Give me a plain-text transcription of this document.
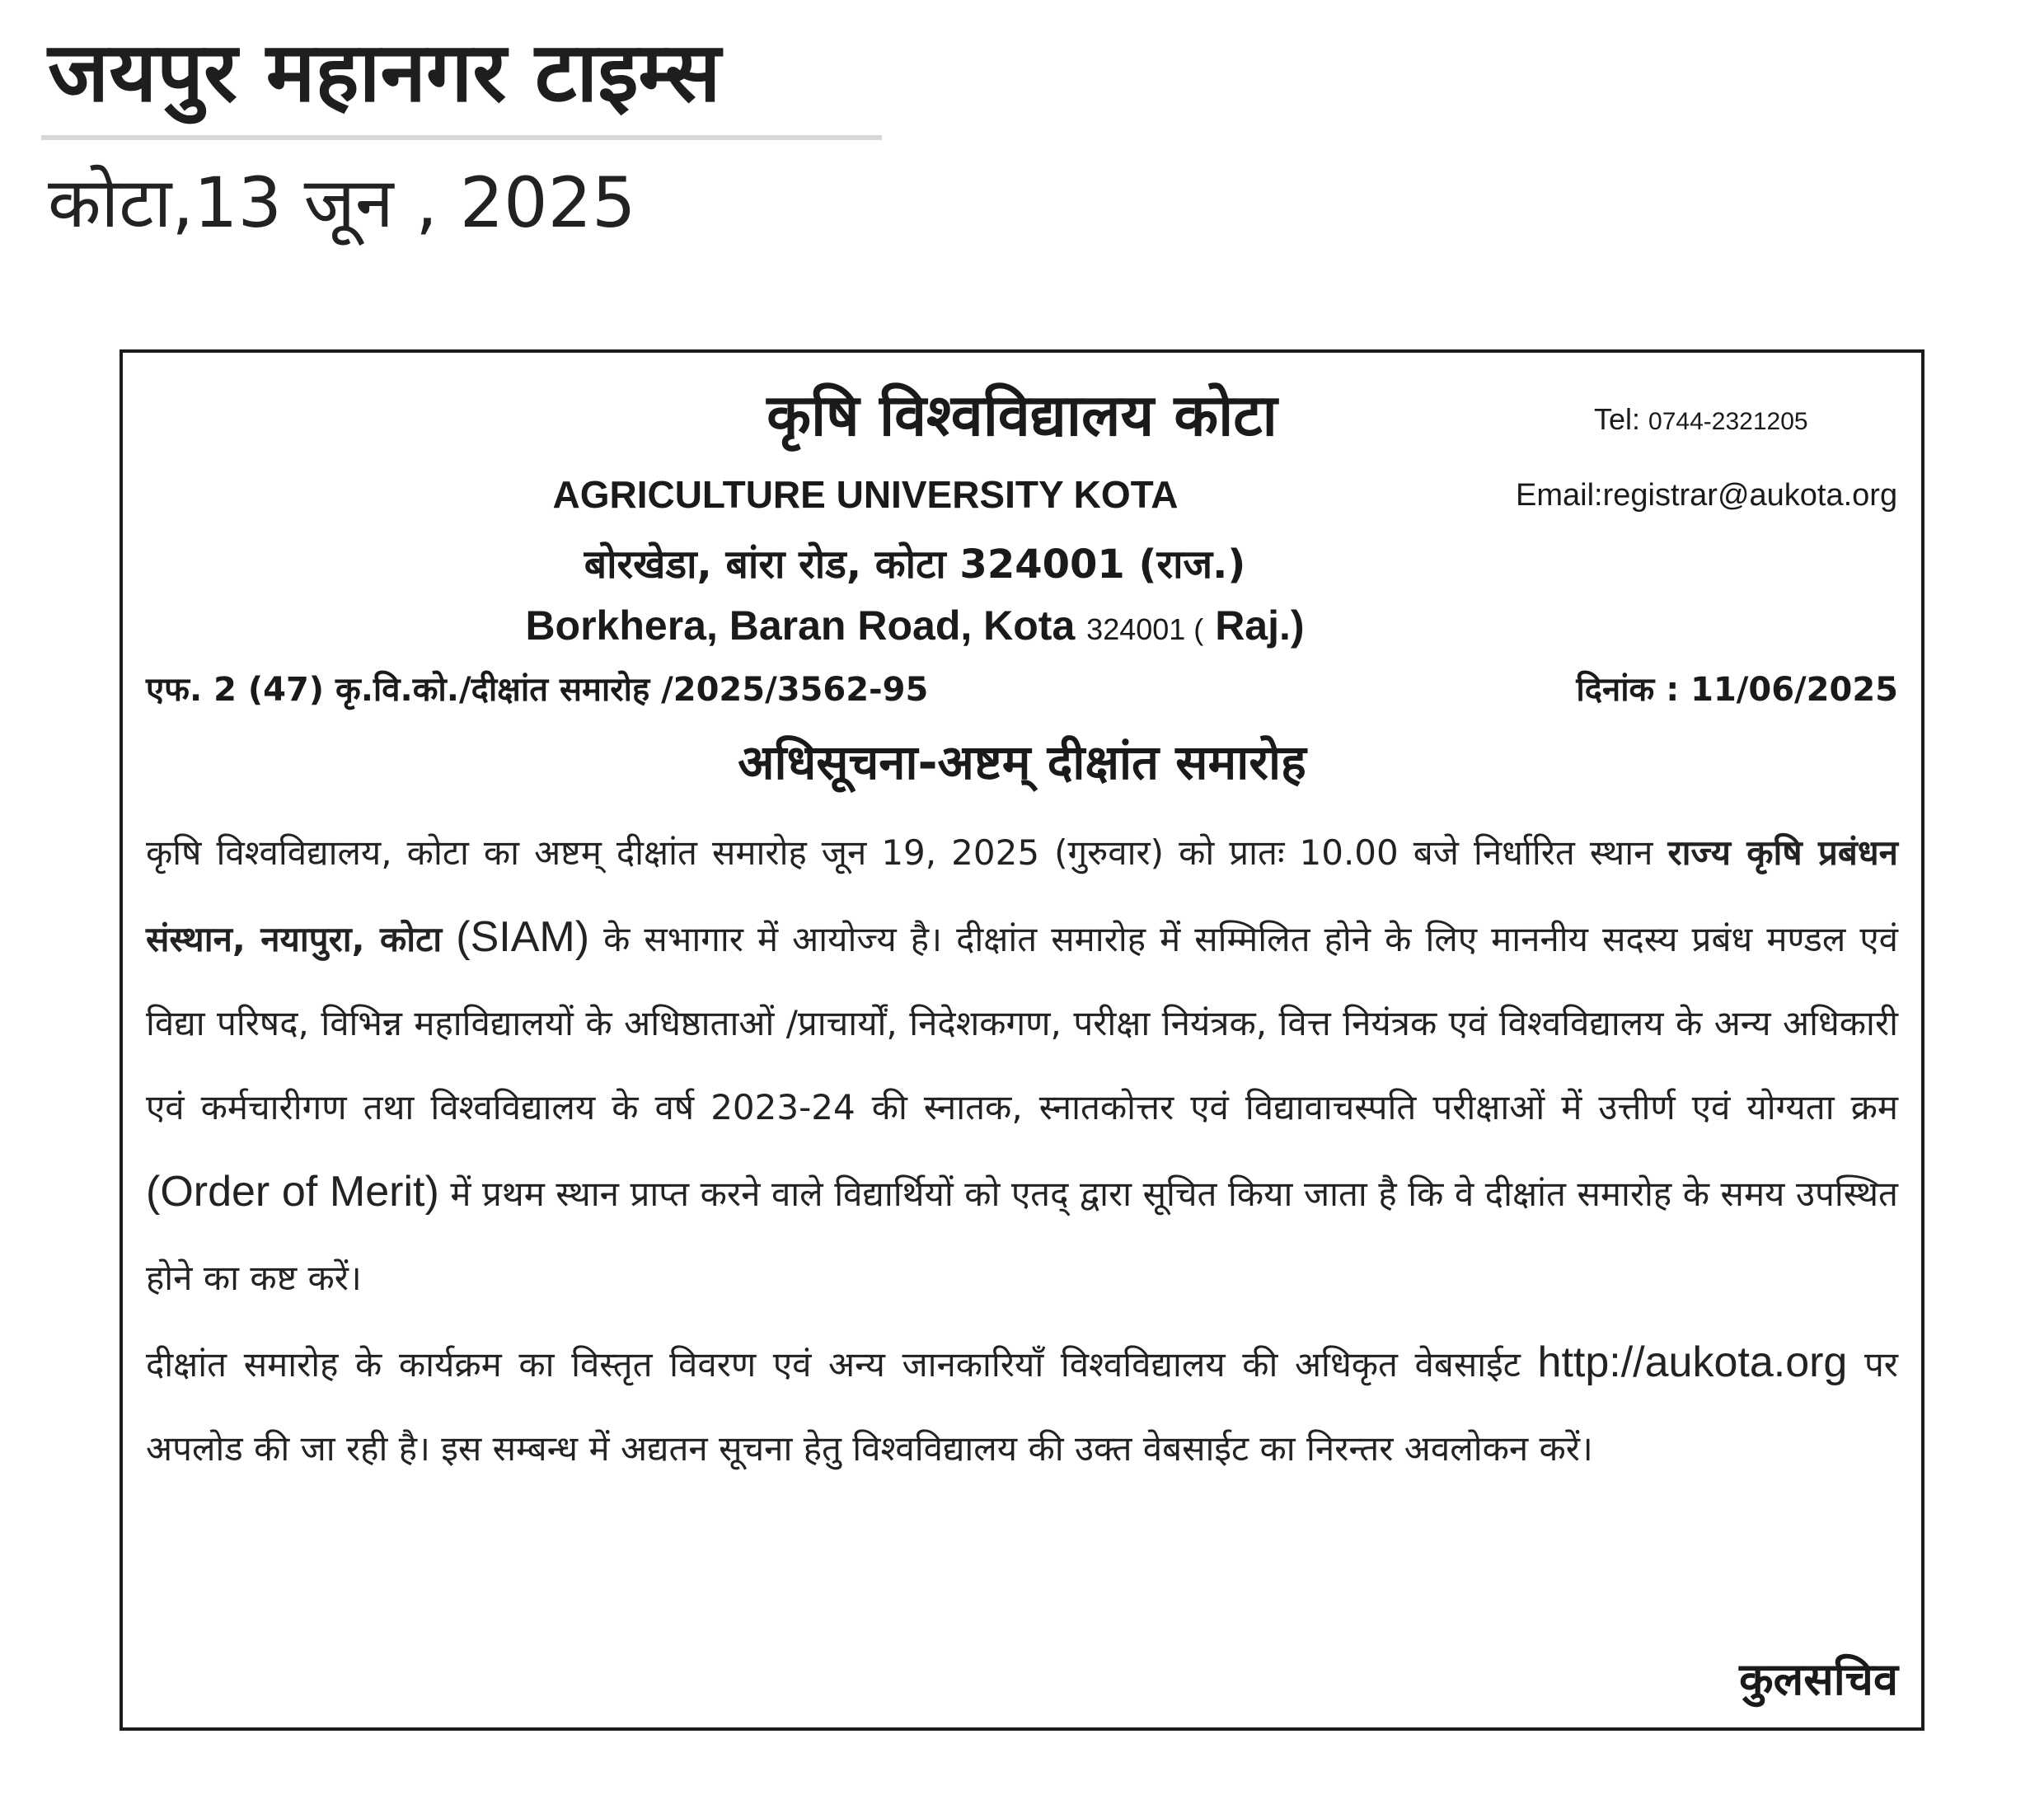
जयपुर महानगर टाइम्स
कोटा,13 जून , 2025
कृषि विश्वविद्यालय कोटा	Tel: 0744-2321205
AGRICULTURE UNIVERSITY KOTA	Email:registrar@aukota.org
बोरखेडा, बांरा रोड, कोटा 324001 (राज.)
Borkhera, Baran Road, Kota 324001 ( Raj.)
एफ. 2 (47) कृ.वि.को./दीक्षांत समारोह /2025/3562-95	दिनांक : 11/06/2025
अधिसूचना-अष्टम् दीक्षांत समारोह
कृषि विश्वविद्यालय, कोटा का अष्टम् दीक्षांत समारोह जून 19, 2025 (गुरुवार) को प्रातः 10.00 बजे निर्धारित स्थान राज्य कृषि प्रबंधन संस्थान, नयापुरा, कोटा (SIAM) के सभागार में आयोज्य है। दीक्षांत समारोह में सम्मिलित होने के लिए माननीय सदस्य प्रबंध मण्डल एवं विद्या परिषद, विभिन्न महाविद्यालयों के अधिष्ठाताओं /प्राचार्यों, निदेशकगण, परीक्षा नियंत्रक, वित्त नियंत्रक एवं विश्वविद्यालय के अन्य अधिकारी एवं कर्मचारीगण तथा विश्वविद्यालय के वर्ष 2023-24 की स्नातक, स्नातकोत्तर एवं विद्यावाचस्पति परीक्षाओं में उत्तीर्ण एवं योग्यता क्रम (Order of Merit) में प्रथम स्थान प्राप्त करने वाले विद्यार्थियों को एतद् द्वारा सूचित किया जाता है कि वे दीक्षांत समारोह के समय उपस्थित होने का कष्ट करें।
दीक्षांत समारोह के कार्यक्रम का विस्तृत विवरण एवं अन्य जानकारियाँ विश्वविद्यालय की अधिकृत वेबसाईट http://aukota.org पर अपलोड की जा रही है। इस सम्बन्ध में अद्यतन सूचना हेतु विश्वविद्यालय की उक्त वेबसाईट का निरन्तर अवलोकन करें।
कुलसचिव
